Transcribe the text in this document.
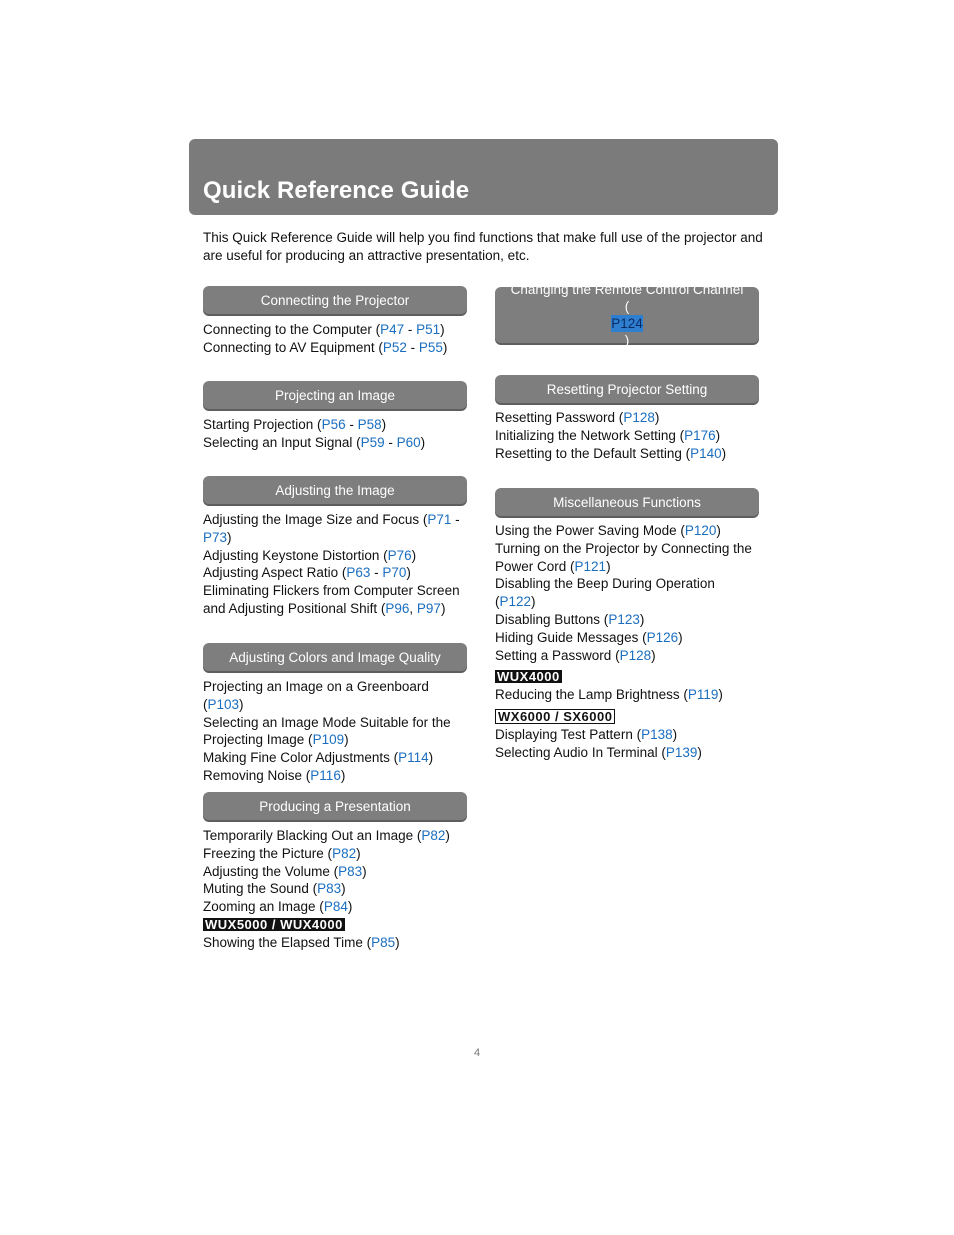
Quick Reference Guide

This Quick Reference Guide will help you find functions that make full use of the projector and are useful for producing an attractive presentation, etc.

Connecting the Projector
Connecting to the Computer (P47 - P51)
Connecting to AV Equipment (P52 - P55)
Projecting an Image
Starting Projection (P56 - P58)
Selecting an Input Signal (P59 - P60)
Adjusting the Image
Adjusting the Image Size and Focus (P71 -
P73)
Adjusting Keystone Distortion (P76)
Adjusting Aspect Ratio (P63 - P70)
Eliminating Flickers from Computer Screen
and Adjusting Positional Shift (P96, P97)
Adjusting Colors and Image Quality
Projecting an Image on a Greenboard (P103)
Selecting an Image Mode Suitable for the
Projecting Image (P109)
Making Fine Color Adjustments (P114)
Removing Noise (P116)
Producing a Presentation
Temporarily Blacking Out an Image (P82)
Freezing the Picture (P82)
Adjusting the Volume (P83)
Muting the Sound (P83)
Zooming an Image (P84)
WUX5000 / WUX4000
Showing the Elapsed Time (P85)
Changing the Remote Control Channel
(
P124
)
Resetting Projector Setting
Resetting Password (P128)
Initializing the Network Setting (P176)
Resetting to the Default Setting (P140)
Miscellaneous Functions
Using the Power Saving Mode (P120)
Turning on the Projector by Connecting the
Power Cord (P121)
Disabling the Beep During Operation (P122)
Disabling Buttons (P123)
Hiding Guide Messages (P126)
Setting a Password (P128)
WUX4000
Reducing the Lamp Brightness (P119)
WX6000 / SX6000
Displaying Test Pattern (P138)
Selecting Audio In Terminal (P139)
4
